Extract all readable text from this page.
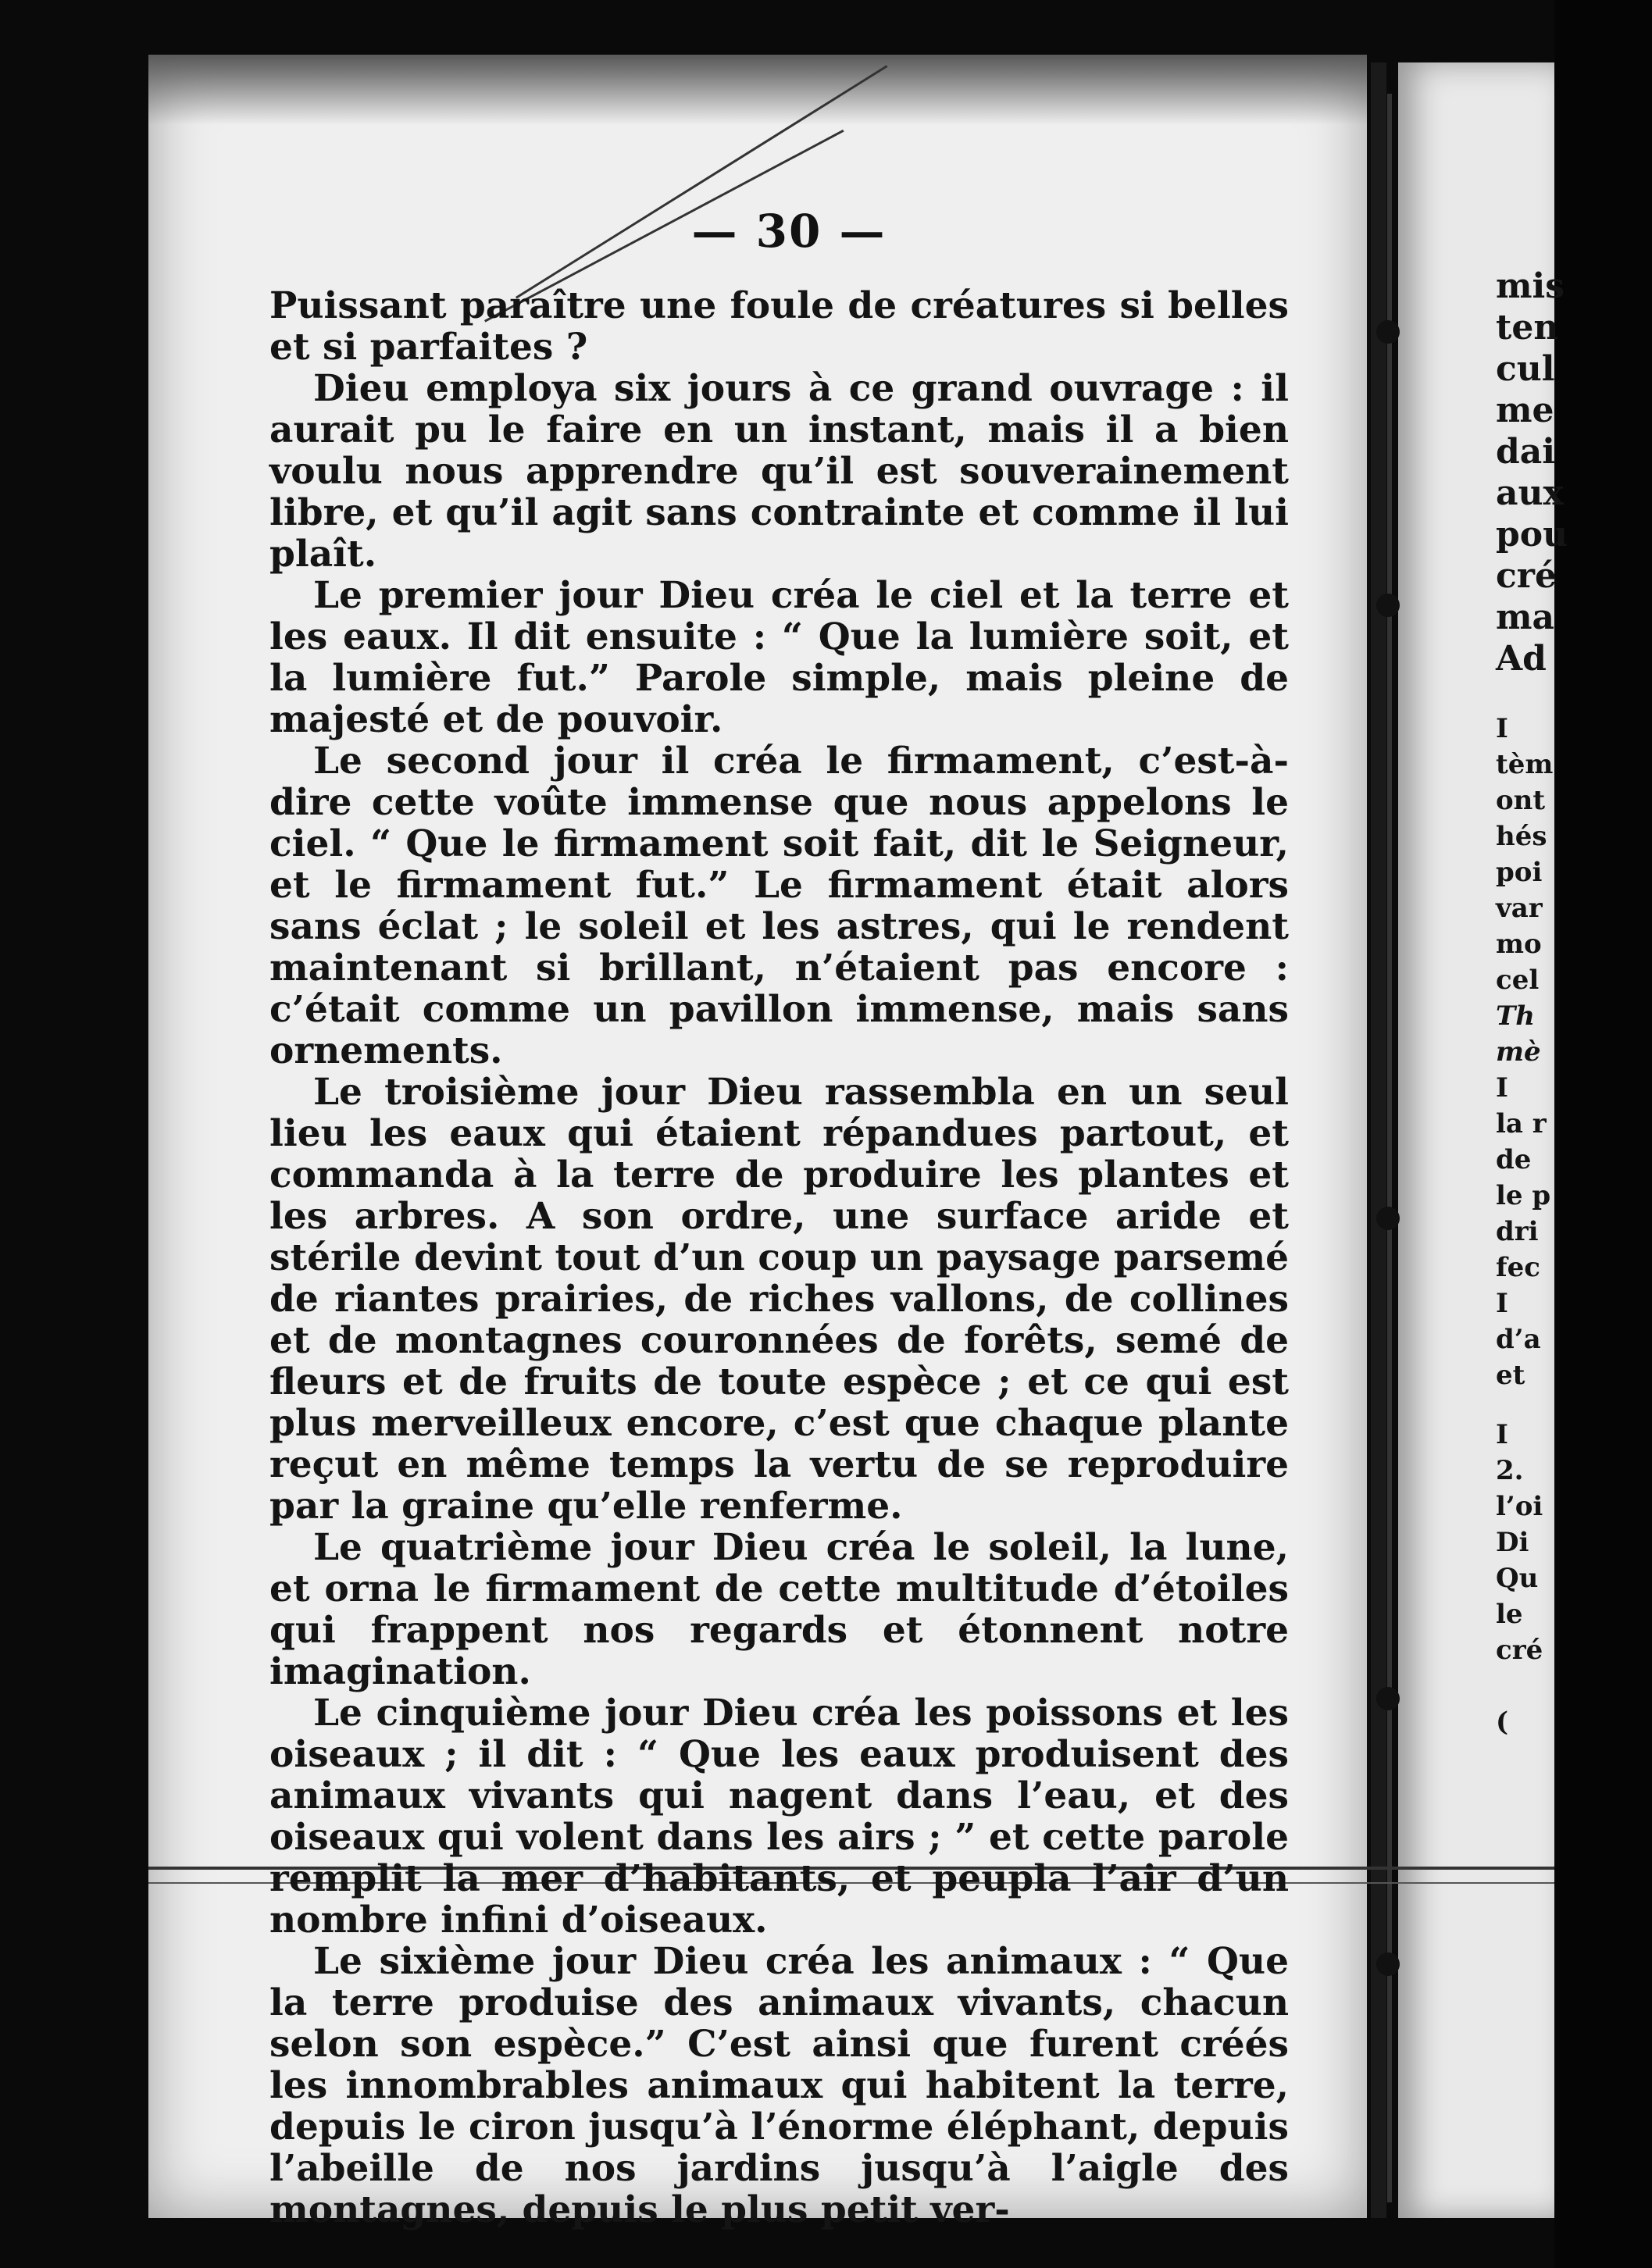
— 30 —

Puissant paraître une foule de créatures si belles et si parfaites ?

Dieu employa six jours à ce grand ouvrage : il aurait pu le faire en un instant, mais il a bien voulu nous apprendre qu’il est souverainement libre, et qu’il agit sans contrainte et comme il lui plaît.

Le premier jour Dieu créa le ciel et la terre et les eaux. Il dit ensuite : “ Que la lumière soit, et la lumière fut.” Parole simple, mais pleine de majesté et de pouvoir.

Le second jour il créa le firmament, c’est-à-dire cette voûte immense que nous appelons le ciel. “ Que le firmament soit fait, dit le Seigneur, et le firmament fut.” Le firmament était alors sans éclat ; le soleil et les astres, qui le rendent maintenant si brillant, n’étaient pas encore : c’était comme un pavillon immense, mais sans ornements.

Le troisième jour Dieu rassembla en un seul lieu les eaux qui étaient répandues partout, et commanda à la terre de produire les plantes et les arbres. A son ordre, une surface aride et stérile devint tout d’un coup un paysage parsemé de riantes prairies, de riches vallons, de collines et de montagnes couronnées de forêts, semé de fleurs et de fruits de toute espèce ; et ce qui est plus merveilleux encore, c’est que chaque plante reçut en même temps la vertu de se reproduire par la graine qu’elle renferme.

Le quatrième jour Dieu créa le soleil, la lune, et orna le firmament de cette multitude d’étoiles qui frappent nos regards et étonnent notre imagination.

Le cinquième jour Dieu créa les poissons et les oiseaux ; il dit : “ Que les eaux produisent des animaux vivants qui nagent dans l’eau, et des oiseaux qui volent dans les airs ; ” et cette parole remplit la mer d’habitants, et peupla l’air d’un nombre infini d’oiseaux.

Le sixième jour Dieu créa les animaux : “ Que la terre produise des animaux vivants, chacun selon son espèce.” C’est ainsi que furent créés les innombrables animaux qui habitent la terre, depuis le ciron jusqu’à l’énorme éléphant, depuis l’abeille de nos jardins jusqu’à l’aigle des montagnes, depuis le plus petit ver-

mis
ten
cul
me
dai
aux
pou
cré
ma
Ad
I
tèm
ont
hés
poi
var
mo
cel
Th
mè
I
la r
de
le p
dri
fec
I
d’a
et
I
2.
l’oi
Di
Qu
le
cré
(
